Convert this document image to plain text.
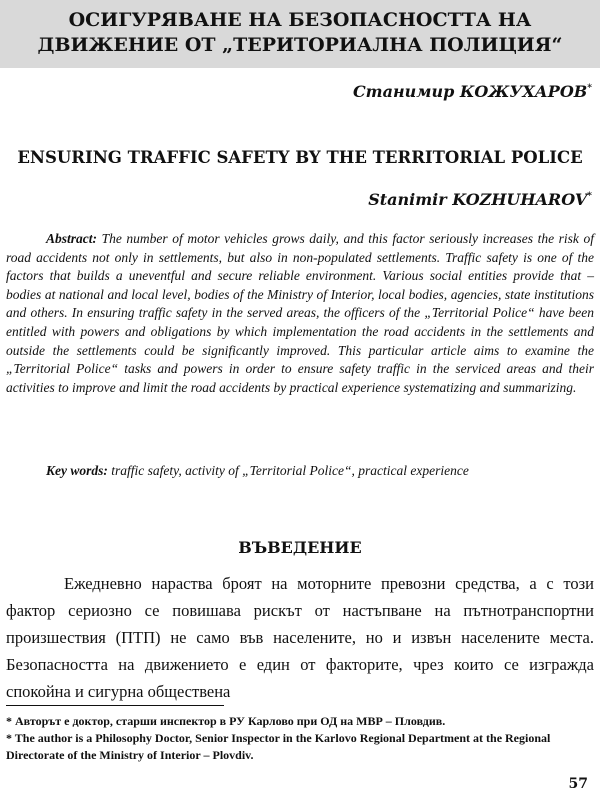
ОСИГУРЯВАНЕ НА БЕЗОПАСНОСТТА НА ДВИЖЕНИЕ ОТ „ТЕРИТОРИАЛНА ПОЛИЦИЯ“
Станимир КОЖУХАРОВ*
ENSURING TRAFFIC SAFETY BY THE TERRITORIAL POLICE
Stanimir KOZHUHAROV*

Abstract: The number of motor vehicles grows daily, and this factor seriously increases the risk of road accidents not only in settlements, but also in non-populated settlements. Traffic safety is one of the factors that builds a uneventful and secure reliable environment. Various social entities provide that – bodies at national and local level, bodies of the Ministry of Interior, local bodies, agencies, state institutions and others. In ensuring traffic safety in the served areas, the officers of the „Territorial Police“ have been entitled with powers and obligations by which implementation the road accidents in the settlements and outside the settlements could be significantly improved. This particular article aims to examine the „Territorial Police“ tasks and powers in order to ensure safety traffic in the serviced areas and their activities to improve and limit the road accidents by practical experience systematizing and summarizing.

Key words: traffic safety, activity of „Territorial Police“, practical experience

ВЪВЕДЕНИЕ

Ежедневно нараства броят на моторните превозни средства, а с този фактор сериозно се повишава рискът от настъпване на пътнотранспортни произшествия (ПТП) не само във населените, но и извън населените места. Безопасността на движението е един от факторите, чрез които се изгражда спокойна и сигурна обществена

* Авторът е доктор, старши инспектор в РУ Карлово при ОД на МВР – Пловдив.

* The author is a Philosophy Doctor, Senior Inspector in the Karlovo Regional Department at the Regional Directorate of the Ministry of Interior – Plovdiv.

57
